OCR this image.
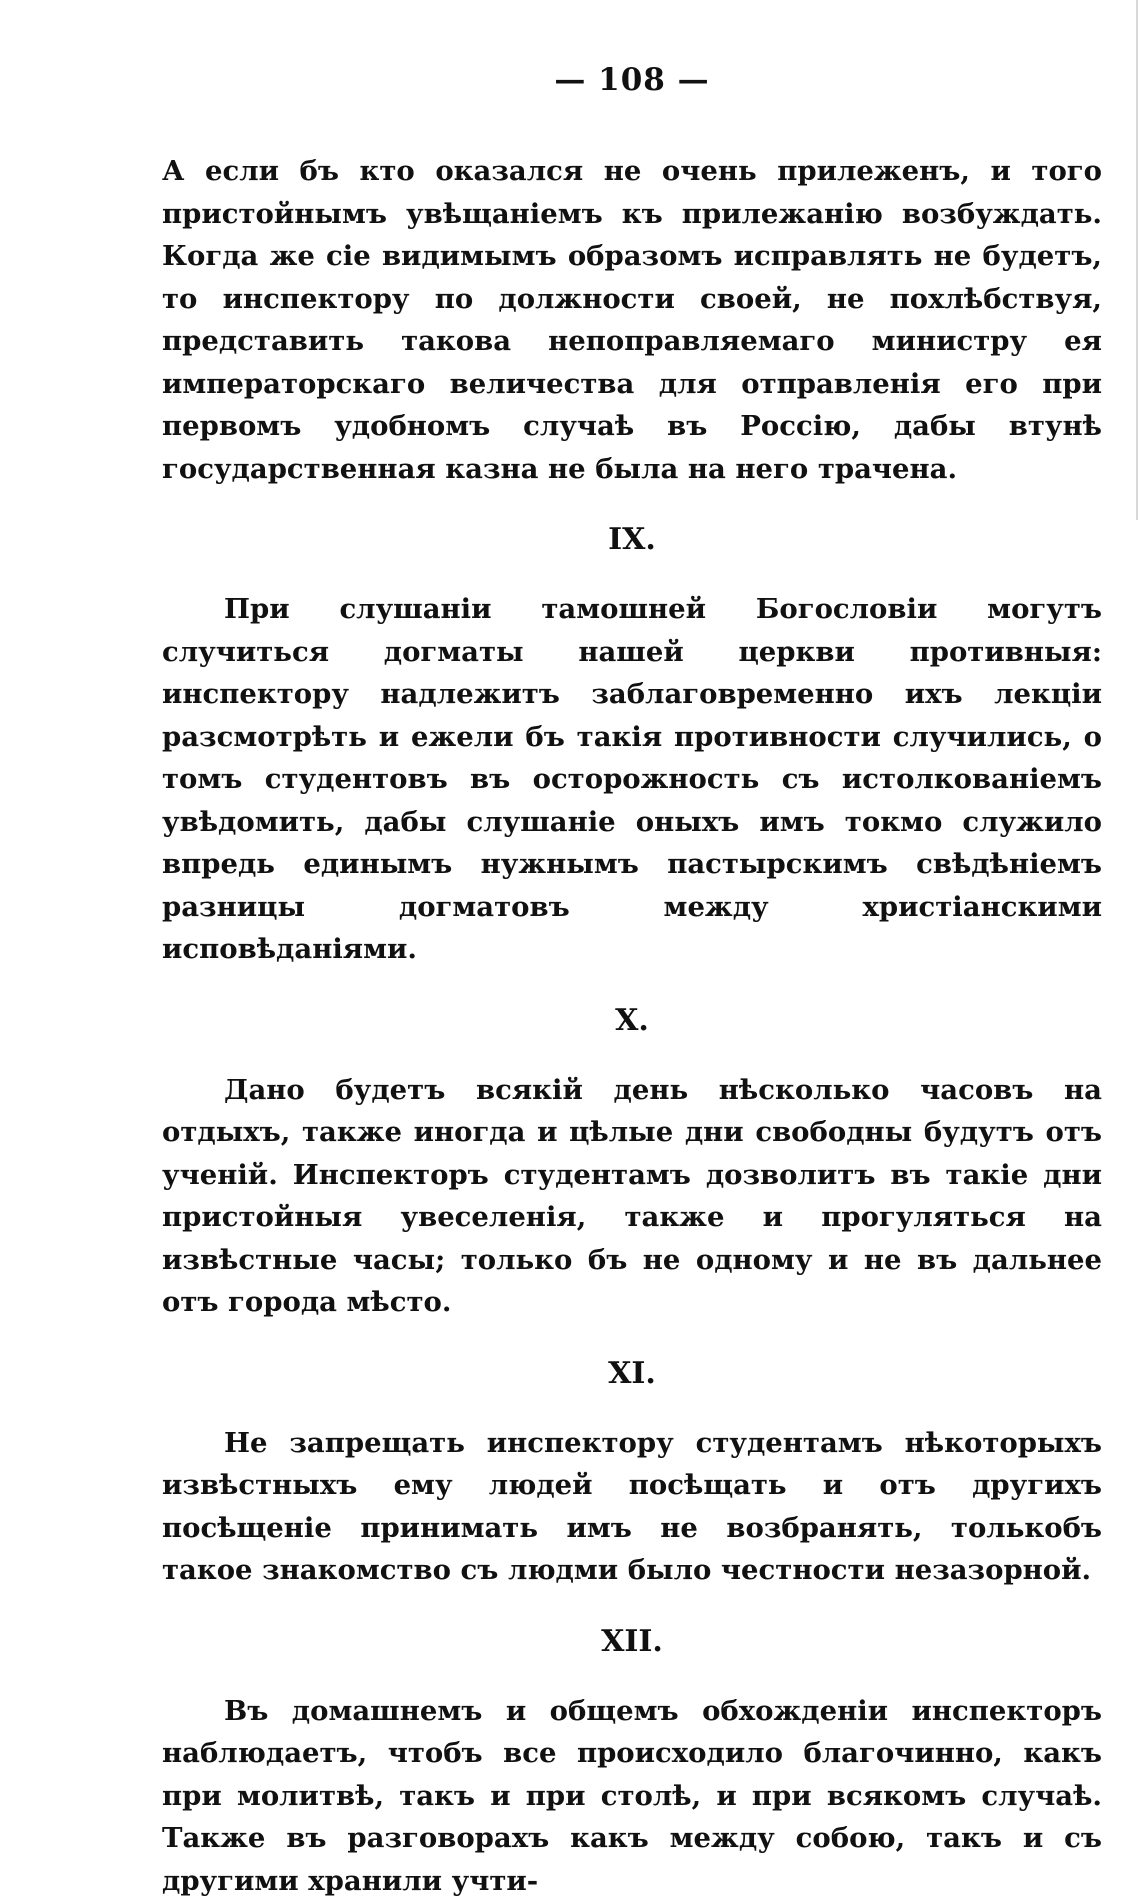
— 108 —

А если бъ кто оказался не очень прилеженъ, и того пристойнымъ увѣщаніемъ къ прилежанію возбуждать. Когда же сіе видимымъ образомъ исправлять не будетъ, то инспектору по должности своей, не похлѣбствуя, представить такова непоправляемаго министру ея императорскаго величества для отправленія его при первомъ удобномъ случаѣ въ Россію, дабы втунѣ государственная казна не была на него трачена.

IX.

При слушаніи тамошней Богословіи могутъ случиться догматы нашей церкви противныя: инспектору надлежитъ заблаговременно ихъ лекціи разсмотрѣть и ежели бъ такія противности случились, о томъ студентовъ въ осторожность съ истолкованіемъ увѣдомить, дабы слушаніе оныхъ имъ токмо служило впредь единымъ нужнымъ пастырскимъ свѣдѣніемъ разницы догматовъ между христіанскими исповѣданіями.

X.

Дано будетъ всякій день нѣсколько часовъ на отдыхъ, также иногда и цѣлые дни свободны будутъ отъ ученій. Инспекторъ студентамъ дозволитъ въ такіе дни пристойныя увеселенія, также и прогуляться на извѣстные часы; только бъ не одному и не въ дальнее отъ города мѣсто.

XI.

Не запрещать инспектору студентамъ нѣкоторыхъ извѣстныхъ ему людей посѣщать и отъ другихъ посѣщеніе принимать имъ не возбранять, толькобъ такое знакомство съ людми было честности незазорной.

XII.

Въ домашнемъ и общемъ обхожденіи инспекторъ наблюдаетъ, чтобъ все происходило благочинно, какъ при молитвѣ, такъ и при столѣ, и при всякомъ случаѣ. Также въ разговорахъ какъ между собою, такъ и съ другими хранили учти-
